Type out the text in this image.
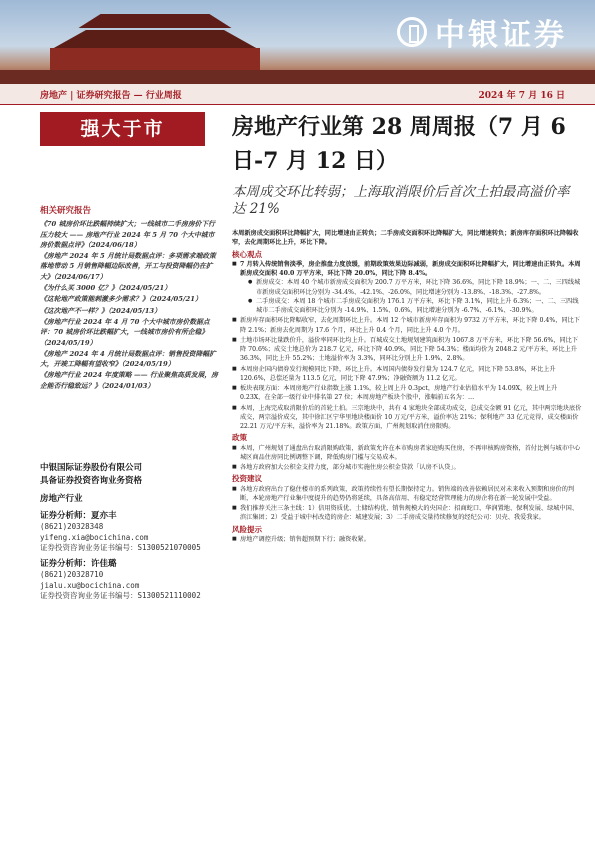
中银证券
房地产 | 证券研究报告 — 行业周报	2024 年 7 月 16 日
强大于市	房地产行业第 28 周周报（7 月 6 日-7 月 12 日）
本周成交环比转弱；上海取消限价后首次土拍最高溢价率达 21%
相关研究报告
《70 城房价环比跌幅持续扩大；一线城市二手房房价下行压力较大 —— 房地产行业 2024 年 5 月 70 个大中城市房价数据点评》（2024/06/18）
《房地产 2024 年 5 月统计局数据点评：多项需求端政策落地带动 5 月销售降幅边际改善，开工与投资降幅仍在扩大》（2024/06/17）
《为什么买 3000 亿？》（2024/05/21）
《这轮地产政策能刺激多少需求？》（2024/05/21）
《这次地产不一样？》（2024/05/13）
《房地产行业 2024 年 4 月 70 个大中城市房价数据点评：70 城房价环比跌幅扩大，一线城市房价有所企稳》（2024/05/19）
《房地产 2024 年 4 月统计局数据点评：销售投资降幅扩大，开竣工降幅有望收窄》（2024/05/19）
《房地产行业 2024 年度策略 —— 行业聚焦高质发展，房企能否行稳致远？》（2024/01/03）
中银国际证券股份有限公司
具备证券投资咨询业务资格
房地产行业
证券分析师：夏亦丰
(8621)20328348
yifeng.xia@bocichina.com
证券投资咨询业务证书编号：S1300521070005
证券分析师：许佳璐
(8621)20328710
jialu.xu@bocichina.com
证券投资咨询业务证书编号：S1300521110002

本周新房成交面积环比降幅扩大，同比增速由正转负；二手房成交面积环比降幅扩大，同比增速转负；新房库存面积环比降幅收窄，去化周期环比上升，环比下降。

核心观点
■ 7 月转入传统销售淡季，房企推盘力度放缓，前期政策效果边际减弱，新房成交面积环比降幅扩大，同比增速由正转负。本周新房成交面积 40.0 万平方米，环比下降 20.0%，同比下降 8.4%。
● 新房成交：本周 40 个城市新房成交面积为 200.7 万平方米，环比下降 36.6%，同比下降 18.9%；一、二、三四线城市新房成交面积环比分别为 -34.4%、-42.1%、-26.0%，同比增速分别为 -13.8%、-18.3%、-27.8%。
● 二手房成交：本周 18 个城市二手房成交面积为 176.1 万平方米，环比下降 3.1%，同比上升 6.3%；一、二、三四线城市二手房成交面积环比分别为 -14.9%、1.5%、0.6%，同比增速分别为 -6.7%、-6.1%、-30.9%。
■ 新房库存面积环比降幅收窄，去化周期环比上升。本周 12 个城市新房库存面积为 9732 万平方米，环比下降 0.4%，同比下降 2.1%；新房去化周期为 17.6 个月，环比上升 0.4 个月，同比上升 4.0 个月。
■ 土地市场环比量跌价升，溢价率同环比均上升。百城成交土地规划建筑面积为 1067.8 万平方米，环比下降 56.6%，同比下降 70.6%；成交土地总价为 218.7 亿元，环比下降 40.9%，同比下降 54.3%；楼面均价为 2048.2 元/平方米，环比上升 36.3%，同比上升 55.2%；土地溢价率为 3.3%，同环比分别上升 1.9%、2.8%。
■ 本周房企国内债券发行规模同比下降，环比上升。本周国内债券发行量为 124.7 亿元，同比下降 53.8%，环比上升 120.6%，总偿还量为 113.5 亿元，同比下降 47.9%；净融资额为 11.2 亿元。
■ 板块表现方面：本周房地产行业指数上涨 1.1%，较上周上升 0.3pct，房地产行业估值水平为 14.09X，较上周上升 0.23X，在全部一级行业中排名第 27 位；本周房地产板块个股中，涨幅前五名为：…
■ 本周，上海完成取消限价后的首轮土拍。三宗地块中，共有 4 家地块全部成功成交，总成交金额 91 亿元，其中两宗地块底价成交，两宗溢价成交，其中徐汇区宁华里地块楼面价 10 万元/平方米，溢价率达 21%；保利地产 33 亿元竞得，成交楼面价 22.21 万元/平方米，溢价率为 21.18%。政策方面，广州规划取消住房限购。
政策
■ 本周，广州规划了通盘出台取消限购政策，新政策允许在本市购房者家庭购买住房，不再审核购房资格，首付比例与城市中心城区商品住房同比例调整下调，降低购房门槛与交易成本。
■ 各地方政府加大公积金支持力度，部分城市实施住房公积金贷款「认房不认贷」。
投资建议
■ 各地方政府出台了稳住楼市的系列政策，政策持续性有望长期保持定力。销售端的改善依赖居民对未来收入预期和房价的判断，本轮房地产行业集中度提升的趋势仍将延续，具备高信用、有稳定经营管理能力的房企将在新一轮发展中受益。
■ 我们推荐关注三条主线：1）信用资质优、土储结构优、销售规模大的央国企：招商蛇口、华润置地、保利发展、绿城中国、滨江集团；2）受益于城中村改造的房企：城建发展；3）二手房成交量持续修复的经纪公司：贝壳、我爱我家。
风险提示
■ 房地产调控升级；销售超预期下行；融资收紧。
